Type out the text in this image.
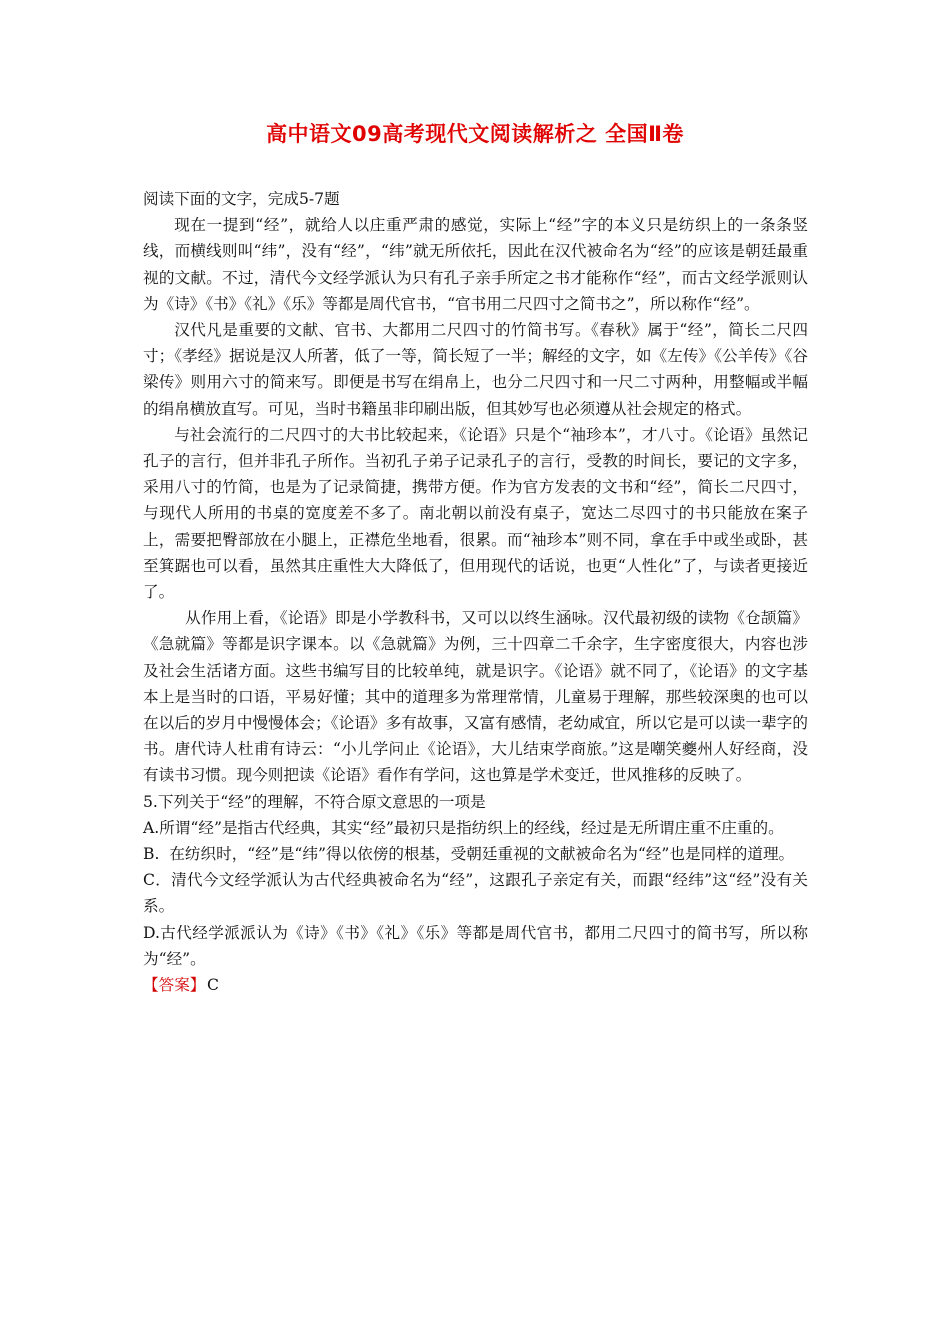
高中语文09高考现代文阅读解析之 全国Ⅱ卷

阅读下面的文字，完成5-7题

现在一提到“经”，就给人以庄重严肃的感觉，实际上“经”字的本义只是纺织上的一条条竖线，而横线则叫“纬”，没有“经”，“纬”就无所依托，因此在汉代被命名为“经”的应该是朝廷最重视的文献。不过，清代今文经学派认为只有孔子亲手所定之书才能称作“经”，而古文经学派则认为《诗》《书》《礼》《乐》等都是周代官书，“官书用二尺四寸之简书之”，所以称作“经”。

汉代凡是重要的文献、官书、大都用二尺四寸的竹简书写。《春秋》属于“经”，简长二尺四寸；《孝经》据说是汉人所著，低了一等，简长短了一半；解经的文字，如《左传》《公羊传》《谷梁传》则用六寸的简来写。即便是书写在绢帛上，也分二尺四寸和一尺二寸两种，用整幅或半幅的绢帛横放直写。可见，当时书籍虽非印刷出版，但其妙写也必须遵从社会规定的格式。

与社会流行的二尺四寸的大书比较起来，《论语》只是个“袖珍本”，才八寸。《论语》虽然记孔子的言行，但并非孔子所作。当初孔子弟子记录孔子的言行，受教的时间长，要记的文字多，采用八寸的竹简，也是为了记录简捷，携带方便。作为官方发表的文书和“经”，简长二尺四寸，与现代人所用的书桌的宽度差不多了。南北朝以前没有桌子，宽达二尽四寸的书只能放在案子上，需要把臀部放在小腿上，正襟危坐地看，很累。而“袖珍本”则不同，拿在手中或坐或卧，甚至箕踞也可以看，虽然其庄重性大大降低了，但用现代的话说，也更“人性化”了，与读者更接近了。

从作用上看，《论语》即是小学教科书，又可以以终生涵咏。汉代最初级的读物《仓颉篇》《急就篇》等都是识字课本。以《急就篇》为例，三十四章二千余字，生字密度很大，内容也涉及社会生活诸方面。这些书编写目的比较单纯，就是识字。《论语》就不同了，《论语》的文字基本上是当时的口语，平易好懂；其中的道理多为常理常情，儿童易于理解，那些较深奥的也可以在以后的岁月中慢慢体会；《论语》多有故事，又富有感情，老幼咸宜，所以它是可以读一辈字的书。唐代诗人杜甫有诗云：“小儿学问止《论语》，大儿结束学商旅。”这是嘲笑夔州人好经商，没有读书习惯。现今则把读《论语》看作有学问，这也算是学术变迁，世风推移的反映了。

5.下列关于“经”的理解，不符合原文意思的一项是

A.所谓“经”是指古代经典，其实“经”最初只是指纺织上的经线，经过是无所谓庄重不庄重的。

B.  在纺织时，“经”是“纬”得以依傍的根基，受朝廷重视的文献被命名为“经”也是同样的道理。

C．清代今文经学派认为古代经典被命名为“经”，这跟孔子亲定有关，而跟“经纬”这“经”没有关系。

D.古代经学派派认为《诗》《书》《礼》《乐》等都是周代官书，都用二尺四寸的简书写，所以称为“经”。

【答案】C
